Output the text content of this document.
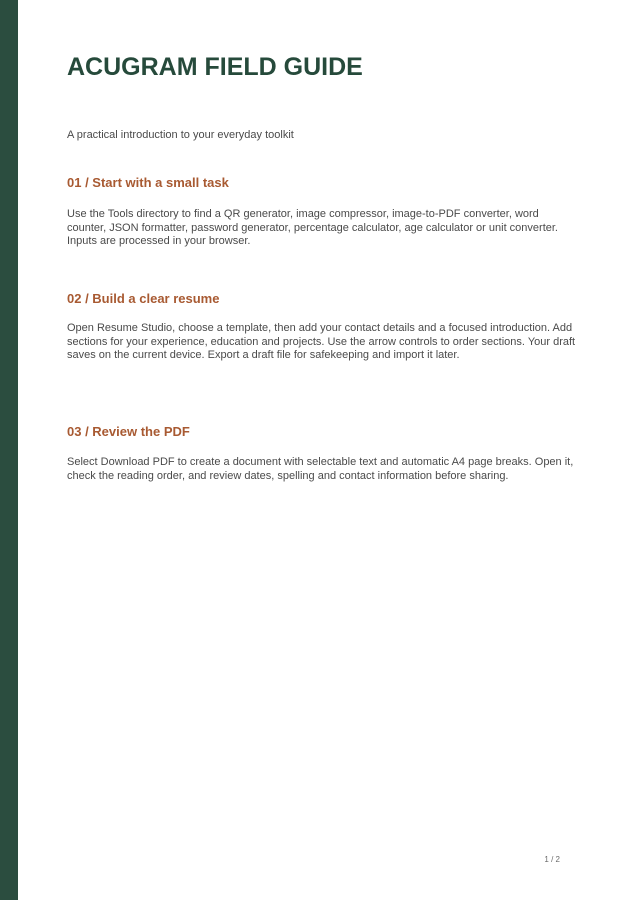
ACUGRAM FIELD GUIDE

A practical introduction to your everyday toolkit

01 / Start with a small task

Use the Tools directory to find a QR generator, image compressor, image-to-PDF converter, word counter, JSON formatter, password generator, percentage calculator, age calculator or unit converter. Inputs are processed in your browser.

02 / Build a clear resume

Open Resume Studio, choose a template, then add your contact details and a focused introduction. Add sections for your experience, education and projects. Use the arrow controls to order sections. Your draft saves on the current device. Export a draft file for safekeeping and import it later.

03 / Review the PDF

Select Download PDF to create a document with selectable text and automatic A4 page breaks. Open it, check the reading order, and review dates, spelling and contact information before sharing.

1 / 2
